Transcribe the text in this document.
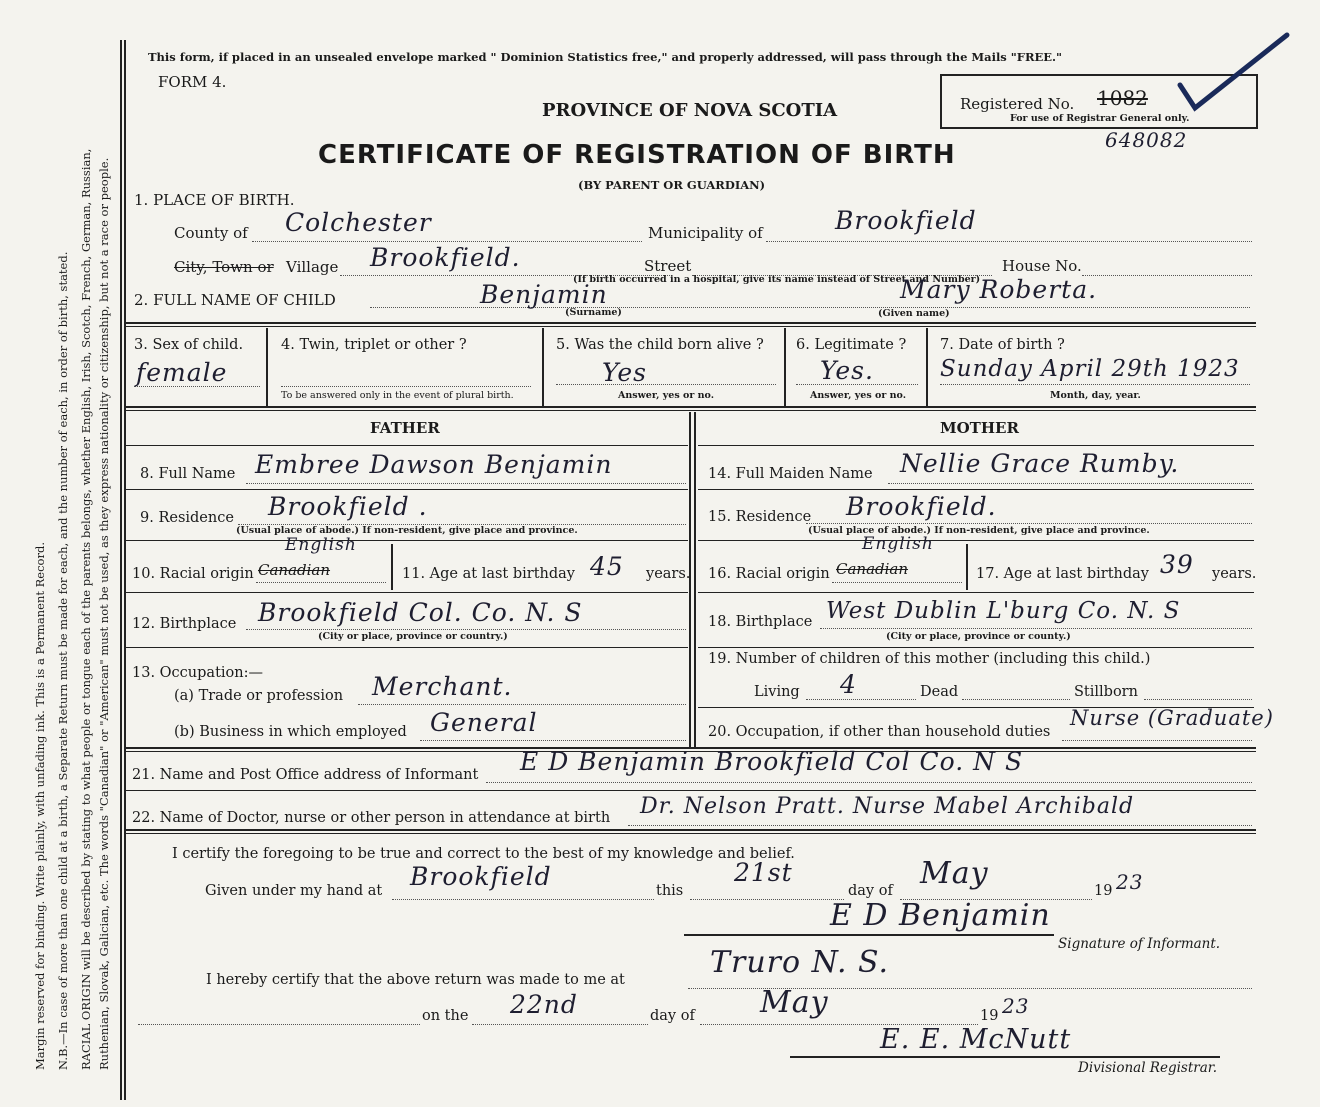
Margin reserved for binding. Write plainly, with unfading ink. This is a Permanent Record. N.B.—In case of more than one child at a birth, a Separate Return must be made for each, and the number of each, in order of birth, stated. RACIAL ORIGIN will be described by stating to what people or tongue each of the parents belongs, whether English, Irish, Scotch, French, German, Russian, Ruthenian, Slovak, Galician, etc. The words "Canadian" or "American" must not be used, as they express nationality or citizenship, but not a race or people.
This form, if placed in an unsealed envelope marked " Dominion Statistics free," and properly addressed, will pass through the Mails "FREE."
FORM 4.
PROVINCE OF NOVA SCOTIA
CERTIFICATE OF REGISTRATION OF BIRTH
(BY PARENT OR GUARDIAN)
Registered No. 1082
For use of Registrar General only.
648082
1. PLACE OF BIRTH.
County of Colchester	Municipality of	Brookfield
City, Town or Village Brookfield.	Street	House No.
(If birth occurred in a hospital, give its name instead of Street and Number)
2. FULL NAME OF CHILD	Benjamin
(Surname)
Mary Roberta.
(Given name)
3. Sex of child.
female
4. Twin, triplet or other ?
To be answered only in the event of plural birth.
5. Was the child born alive ?
Yes
Answer, yes or no.
6. Legitimate ?
Yes.
Answer, yes or no.
7. Date of birth ?
Sunday April 29th 1923
Month, day, year.
FATHER	MOTHER
8. Full Name Embree Dawson Benjamin
9. Residence Brookfield .
(Usual place of abode.) If non-resident, give place and province.
10. Racial origin
English
Canadian	11. Age at last birthday 45 years.
12. Birthplace Brookfield Col. Co. N. S
(City or place, province or country.)
13. Occupation:—
(a) Trade or profession Merchant.
(b) Business in which employed General
14. Full Maiden Name Nellie Grace Rumby.
15. Residence Brookfield.
(Usual place of abode.) If non-resident, give place and province.
16. Racial origin
English
Canadian	17. Age at last birthday 39 years.
18. Birthplace West Dublin L'burg Co. N. S
(City or place, province or county.)
19. Number of children of this mother (including this child.)
Living 4	Dead	Stillborn
20. Occupation, if other than household duties
Nurse (Graduate)
21. Name and Post Office address of Informant E D Benjamin Brookfield Col Co. N S
22. Name of Doctor, nurse or other person in attendance at birth Dr. Nelson Pratt. Nurse Mabel Archibald
I certify the foregoing to be true and correct to the best of my knowledge and belief.
Given under my hand at Brookfield	this
21st
day of May	19 23
E D Benjamin
Signature of Informant.
I hereby certify that the above return was made to me at	Truro N. S.
on the 22nd	day of May	19 23
E. E. McNutt
Divisional Registrar.
